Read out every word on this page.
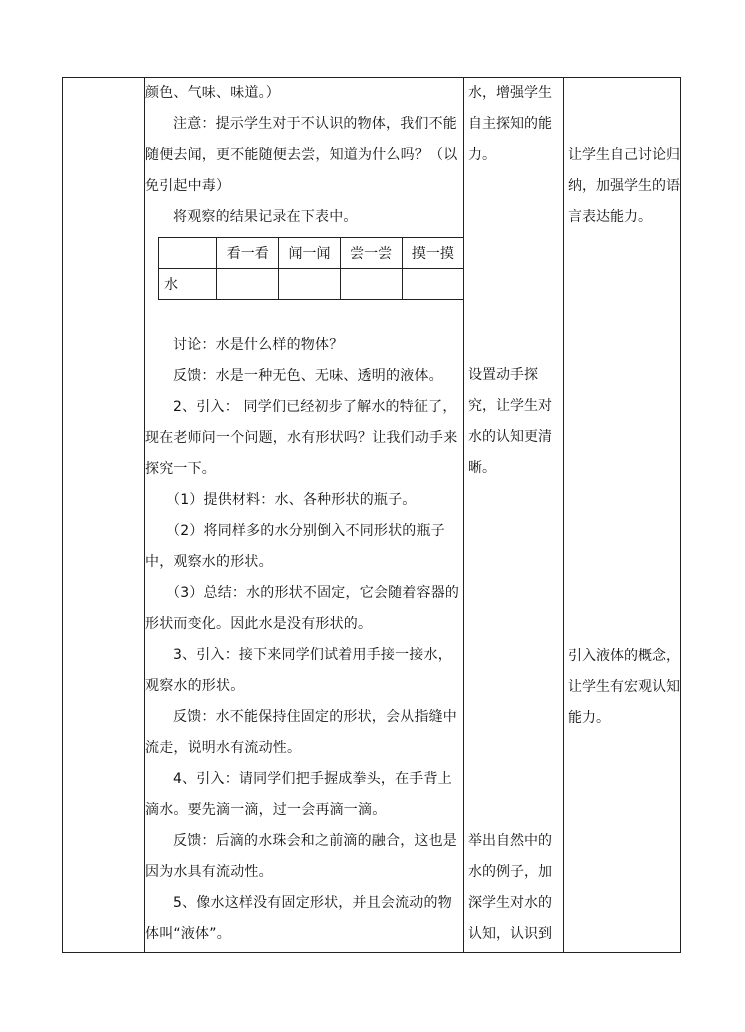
颜色、气味、味道。）

注意：提示学生对于不认识的物体，我们不能随便去闻，更不能随便去尝，知道为什么吗？（以免引起中毒）

将观察的结果记录在下表中。

	看一看	闻一闻	尝一尝	摸一摸
水				

讨论：水是什么样的物体？

反馈：水是一种无色、无味、透明的液体。

2、引入： 同学们已经初步了解水的特征了，现在老师问一个问题，水有形状吗？让我们动手来探究一下。

（1）提供材料：水、各种形状的瓶子。

（2）将同样多的水分别倒入不同形状的瓶子中，观察水的形状。

（3）总结：水的形状不固定，它会随着容器的形状而变化。因此水是没有形状的。

3、引入：接下来同学们试着用手接一接水，观察水的形状。

反馈：水不能保持住固定的形状，会从指缝中流走，说明水有流动性。

4、引入：请同学们把手握成拳头，在手背上滴水。要先滴一滴，过一会再滴一滴。

反馈：后滴的水珠会和之前滴的融合，这也是因为水具有流动性。

5、像水这样没有固定形状，并且会流动的物体叫“液体”。

水，增强学生自主探知的能力。

设置动手探究，让学生对水的认知更清晰。

举出自然中的水的例子，加深学生对水的认知，认识到

让学生自己讨论归纳，加强学生的语言表达能力。

引入液体的概念，让学生有宏观认知能力。
